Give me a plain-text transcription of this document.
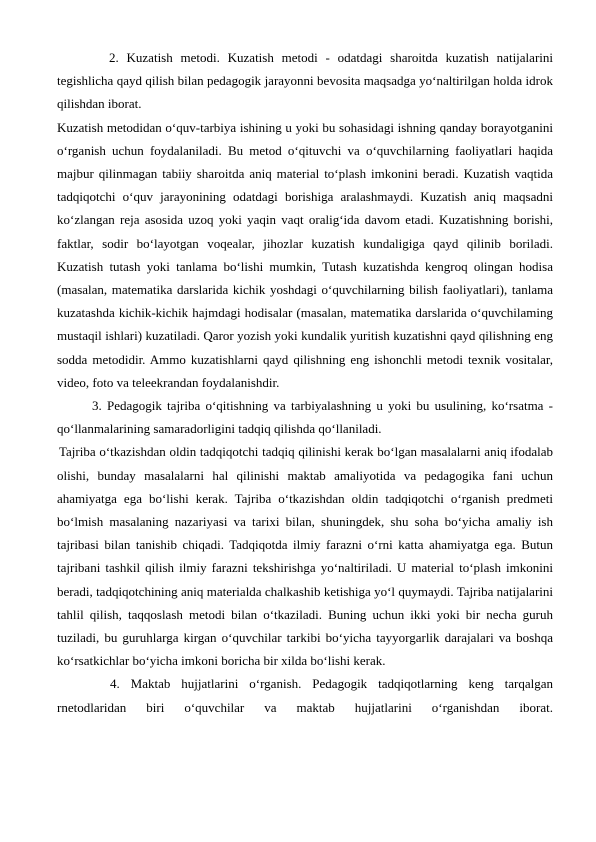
2. Kuzatish metodi. Kuzatish metodi - odatdagi sharoitda kuzatish natijalarini tegishlicha qayd qilish bilan pedagogik jarayonni bevosita maqsadga yo‘naltirilgan holda idrok qilishdan iborat.

Kuzatish metodidan o‘quv-tarbiya ishining u yoki bu sohasidagi ishning qanday borayotganini o‘rganish uchun foydalaniladi. Bu metod o‘qituvchi va o‘quvchilarning faoliyatlari haqida majbur qilinmagan tabiiy sharoitda aniq material to‘plash imkonini beradi. Kuzatish vaqtida tadqiqotchi o‘quv jarayonining odatdagi borishiga aralashmaydi. Kuzatish aniq maqsadni ko‘zlangan reja asosida uzoq yoki yaqin vaqt oralig‘ida davom etadi. Kuzatishning borishi, faktlar, sodir bo‘layotgan voqealar, jihozlar kuzatish kundaligiga qayd qilinib boriladi. Kuzatish tutash yoki tanlama bo‘lishi mumkin, Tutash kuzatishda kengroq olingan hodisa (masalan, matematika darslarida kichik yoshdagi o‘quvchilarning bilish faoliyatlari), tanlama kuzatashda kichik-kichik hajmdagi hodisalar (masalan, matematika darslarida o‘quvchilaming mustaqil ishlari) kuzatiladi. Qaror yozish yoki kundalik yuritish kuzatishni qayd qilishning eng sodda metodidir. Ammo kuzatishlarni qayd qilishning eng ishonchli metodi texnik vositalar, video, foto va teleekrandan foydalanishdir.

3. Pedagogik tajriba o‘qitishning va tarbiyalashning u yoki bu usulining, ko‘rsatma - qo‘llanmalarining samaradorligini tadqiq qilishda qo‘llaniladi.

Tajriba o‘tkazishdan oldin tadqiqotchi tadqiq qilinishi kerak bo‘lgan masalalarni aniq ifodalab olishi, bunday masalalarni hal qilinishi maktab amaliyotida va pedagogika fani uchun ahamiyatga ega bo‘lishi kerak. Tajriba o‘tkazishdan oldin tadqiqotchi o‘rganish predmeti bo‘lmish masalaning nazariyasi va tarixi bilan, shuningdek, shu soha bo‘yicha amaliy ish tajribasi bilan tanishib chiqadi. Tadqiqotda ilmiy farazni o‘rni katta ahamiyatga ega. Butun tajribani tashkil qilish ilmiy farazni tekshirishga yo‘naltiriladi. U material to‘plash imkonini beradi, tadqiqotchining aniq materialda chalkashib ketishiga yo‘l quymaydi. Tajriba natijalarini tahlil qilish, taqqoslash metodi bilan o‘tkaziladi. Buning uchun ikki yoki bir necha guruh tuziladi, bu guruhlarga kirgan o‘quvchilar tarkibi bo‘yicha tayyorgarlik darajalari va boshqa ko‘rsatkichlar bo‘yicha imkoni boricha bir xilda bo‘lishi kerak.

4. Maktab hujjatlarini o‘rganish. Pedagogik tadqiqotlarning keng tarqalgan rnetodlaridan biri o‘quvchilar va maktab hujjatlarini o‘rganishdan iborat.
